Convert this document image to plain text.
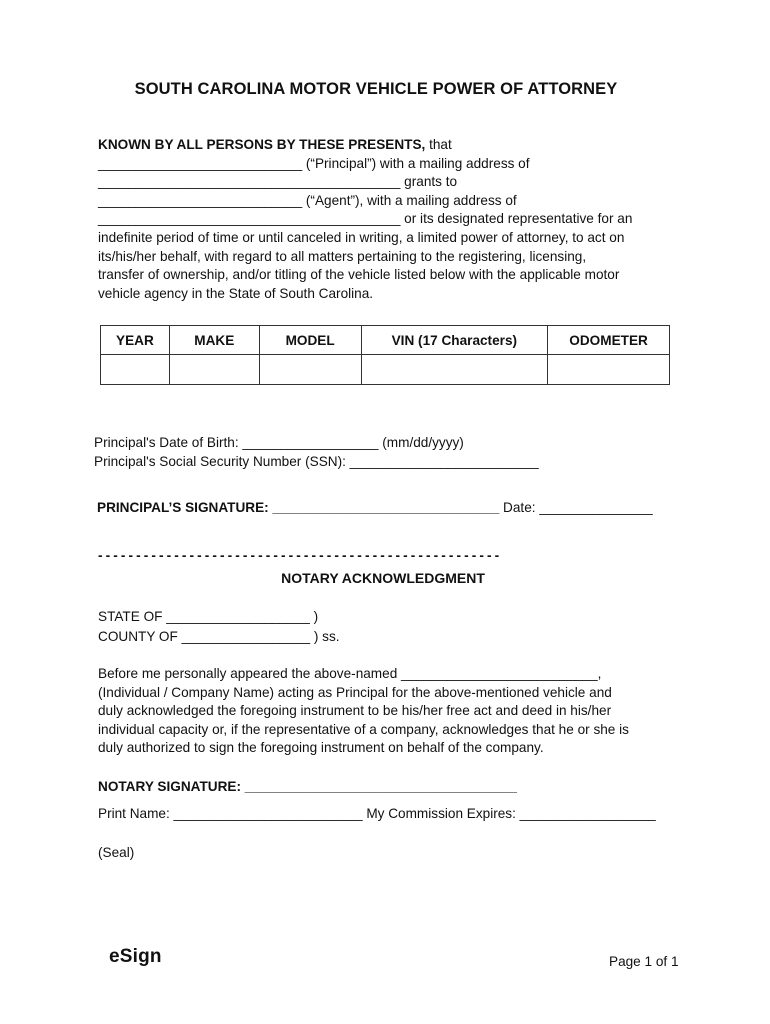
SOUTH CAROLINA MOTOR VEHICLE POWER OF ATTORNEY
KNOWN BY ALL PERSONS BY THESE PRESENTS, that
___________________________ (“Principal”) with a mailing address of
________________________________________ grants to
___________________________ (“Agent”), with a mailing address of
________________________________________ or its designated representative for an
indefinite period of time or until canceled in writing, a limited power of attorney, to act on
its/his/her behalf, with regard to all matters pertaining to the registering, licensing,
transfer of ownership, and/or titling of the vehicle listed below with the applicable motor
vehicle agency in the State of South Carolina.
YEAR	MAKE	MODEL	VIN (17 Characters)	ODOMETER

Principal's Date of Birth: __________________ (mm/dd/yyyy)
Principal's Social Security Number (SSN): _________________________
PRINCIPAL’S SIGNATURE: ______________________________ Date: _______________
-----------------------------------------------------
NOTARY ACKNOWLEDGMENT
STATE OF ___________________ )
COUNTY OF _________________ ) ss.
Before me personally appeared the above-named __________________________,
(Individual / Company Name) acting as Principal for the above-mentioned vehicle and
duly acknowledged the foregoing instrument to be his/her free act and deed in his/her
individual capacity or, if the representative of a company, acknowledges that he or she is
duly authorized to sign the foregoing instrument on behalf of the company.
NOTARY SIGNATURE: ____________________________________
Print Name: _________________________ My Commission Expires: __________________
(Seal)
eSign	Page 1 of 1
